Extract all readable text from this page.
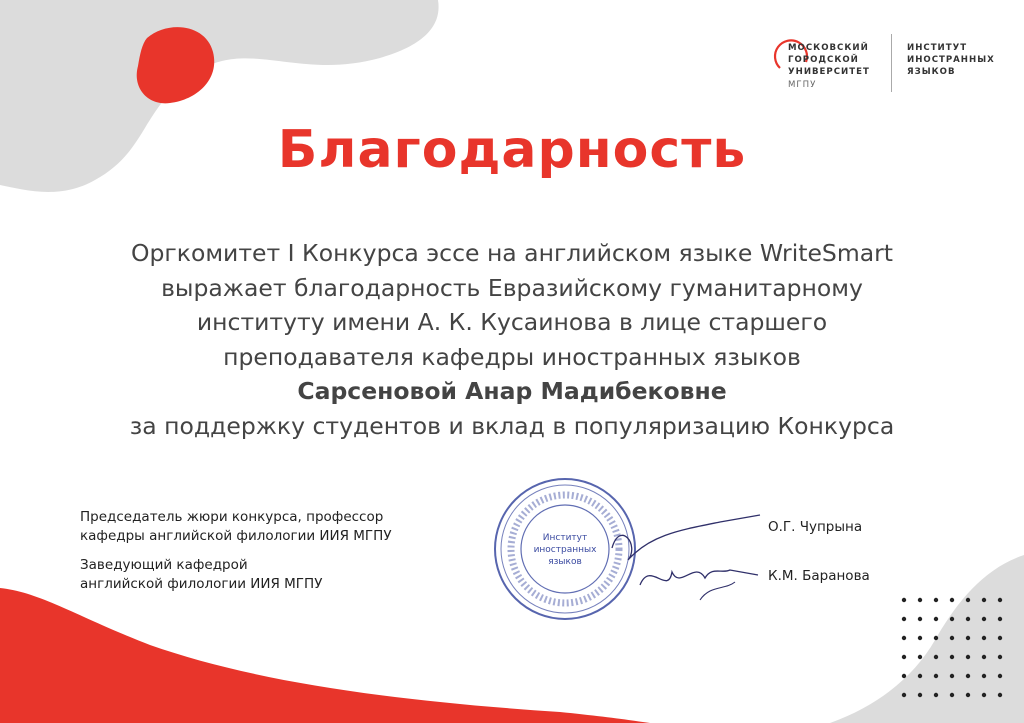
МОСКОВСКИЙ
ГОРОДСКОЙ
УНИВЕРСИТЕТ
МГПУ
ИНСТИТУТ
ИНОСТРАННЫХ
ЯЗЫКОВ
Благодарность
Оргкомитет I Конкурса эссе на английском языке WriteSmart
выражает благодарность Евразийскому гуманитарному
институту имени А. К. Кусаинова в лице старшего
преподавателя кафедры иностранных языков
Сарсеновой Анар Мадибековне
за поддержку студентов и вклад в популяризацию Конкурса
Председатель жюри конкурса, профессор
кафедры английской филологии ИИЯ МГПУ
Заведующий кафедрой
английской филологии ИИЯ МГПУ
Институт
иностранных
языков
О.Г. Чупрына
К.М. Баранова
